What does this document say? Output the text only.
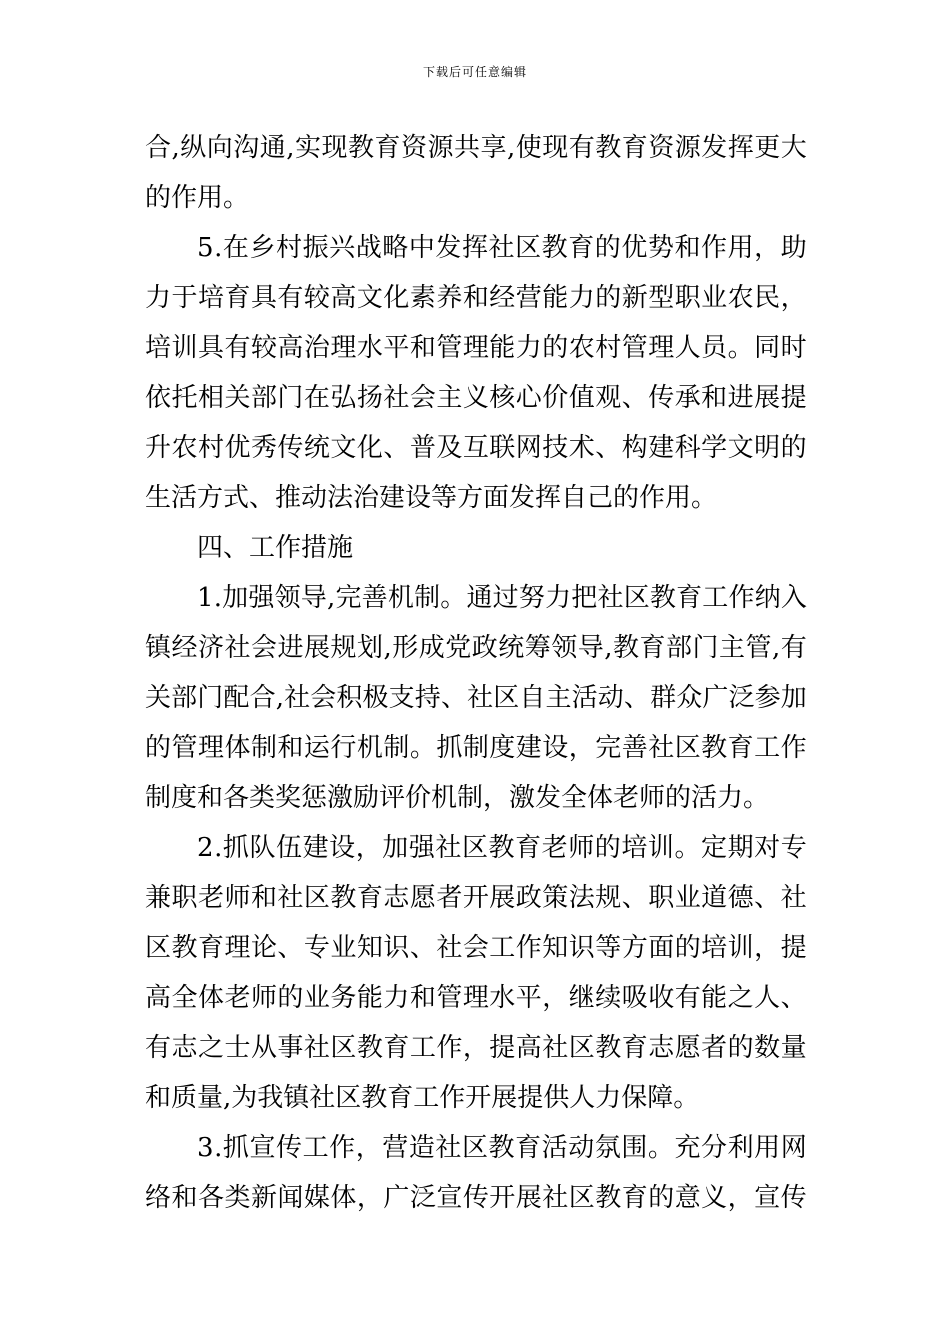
下载后可任意编辑
合 , 纵 向 沟 通 , 实 现 教 育 资 源 共 享 , 使 现 有 教 育 资 源 发 挥 更 大
的作用。
5 . 在 乡 村 振 兴 战 略 中 发 挥 社 区 教 育 的 优 势 和 作 用 ， 助
力 于 培 育 具 有 较 高 文 化 素 养 和 经 营 能 力 的 新 型 职 业 农 民 ，
培 训 具 有 较 高 治 理 水 平 和 管 理 能 力 的 农 村 管 理 人 员 。 同 时
依 托 相 关 部 门 在 弘 扬 社 会 主 义 核 心 价 值 观 、 传 承 和 进 展 提
升 农 村 优 秀 传 统 文 化 、 普 及 互 联 网 技 术 、 构 建 科 学 文 明 的
生活方式、推动法治建设等方面发挥自己的作用。
四、工作措施
1 . 加 强 领 导 , 完 善 机 制 。 通 过 努 力 把 社 区 教 育 工 作 纳 入
镇 经 济 社 会 进 展 规 划 , 形 成 党 政 统 筹 领 导 , 教 育 部 门 主 管 , 有
关 部 门 配 合 , 社 会 积 极 支 持 、 社 区 自 主 活 动 、 群 众 广 泛 参 加
的 管 理 体 制 和 运 行 机 制 。 抓 制 度 建 设 ， 完 善 社 区 教 育 工 作
制度和各类奖惩激励评价机制，激发全体老师的活力。
2 . 抓 队 伍 建 设 ， 加 强 社 区 教 育 老 师 的 培 训 。 定 期 对 专
兼 职 老 师 和 社 区 教 育 志 愿 者 开 展 政 策 法 规 、 职 业 道 德 、 社
区 教 育 理 论 、 专 业 知 识 、 社 会 工 作 知 识 等 方 面 的 培 训 ， 提
高 全 体 老 师 的 业 务 能 力 和 管 理 水 平 ， 继 续 吸 收 有 能 之 人 、
有 志 之 士 从 事 社 区 教 育 工 作 ， 提 高 社 区 教 育 志 愿 者 的 数 量
和质量,为我镇社区教育工作开展提供人力保障。
3 . 抓 宣 传 工 作 ， 营 造 社 区 教 育 活 动 氛 围 。 充 分 利 用 网
络 和 各 类 新 闻 媒 体 ， 广 泛 宣 传 开 展 社 区 教 育 的 意 义 ， 宣 传
